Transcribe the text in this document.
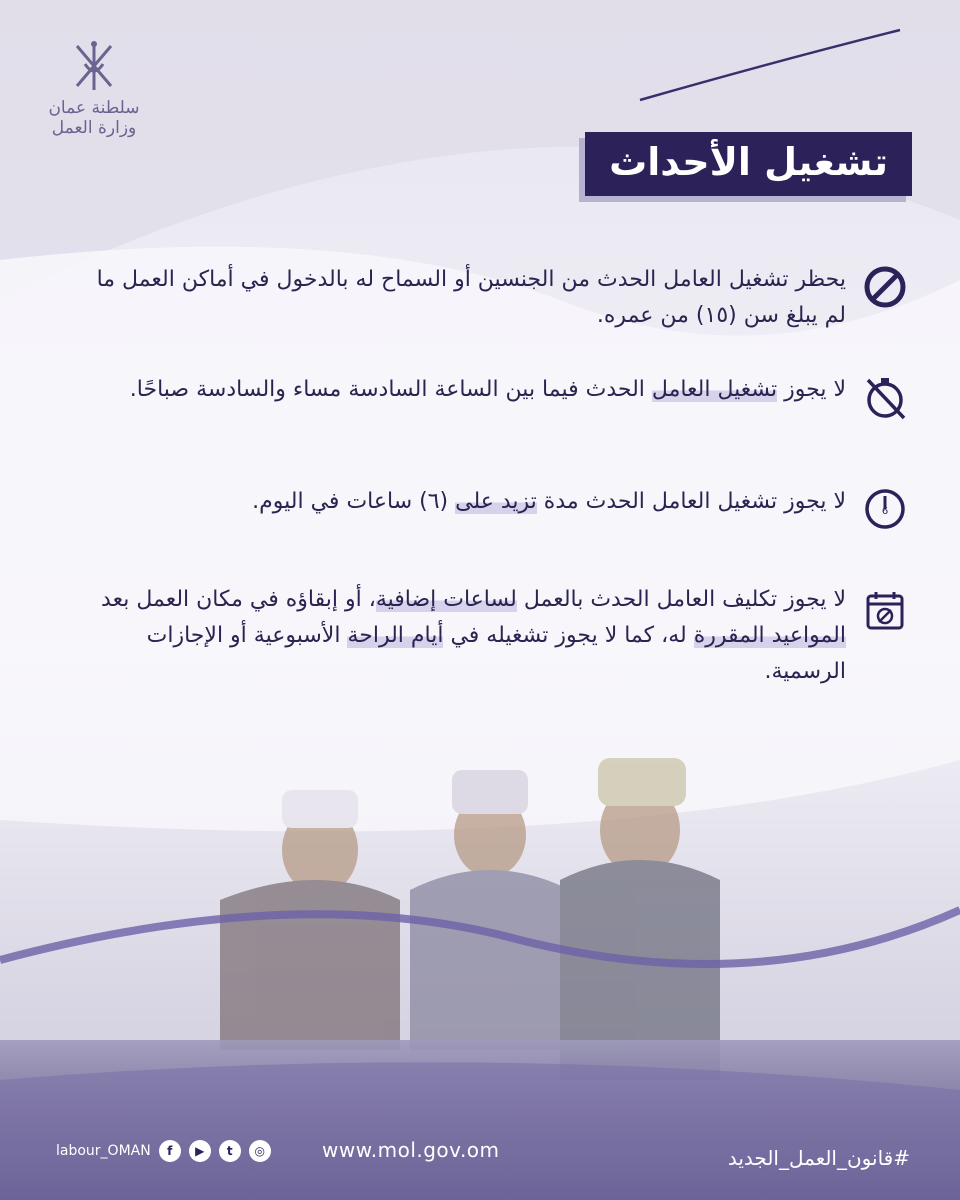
سلطنة عمان
وزارة العمل
تشغيل الأحداث
يحظر تشغيل العامل الحدث من الجنسين أو السماح له بالدخول في أماكن العمل ما لم يبلغ سن (١٥) من عمره.
لا يجوز تشغيل العامل الحدث فيما بين الساعة السادسة مساء والسادسة صباحًا.
6
لا يجوز تشغيل العامل الحدث مدة تزيد على (٦) ساعات في اليوم.
لا يجوز تكليف العامل الحدث بالعمل لساعات إضافية، أو إبقاؤه في مكان العمل بعد المواعيد المقررة له، كما لا يجوز تشغيله في أيام الراحة الأسبوعية أو الإجازات الرسمية.
labour_OMAN	f	▶	t	◎	www.mol.gov.om	#قانون_العمل_الجديد
